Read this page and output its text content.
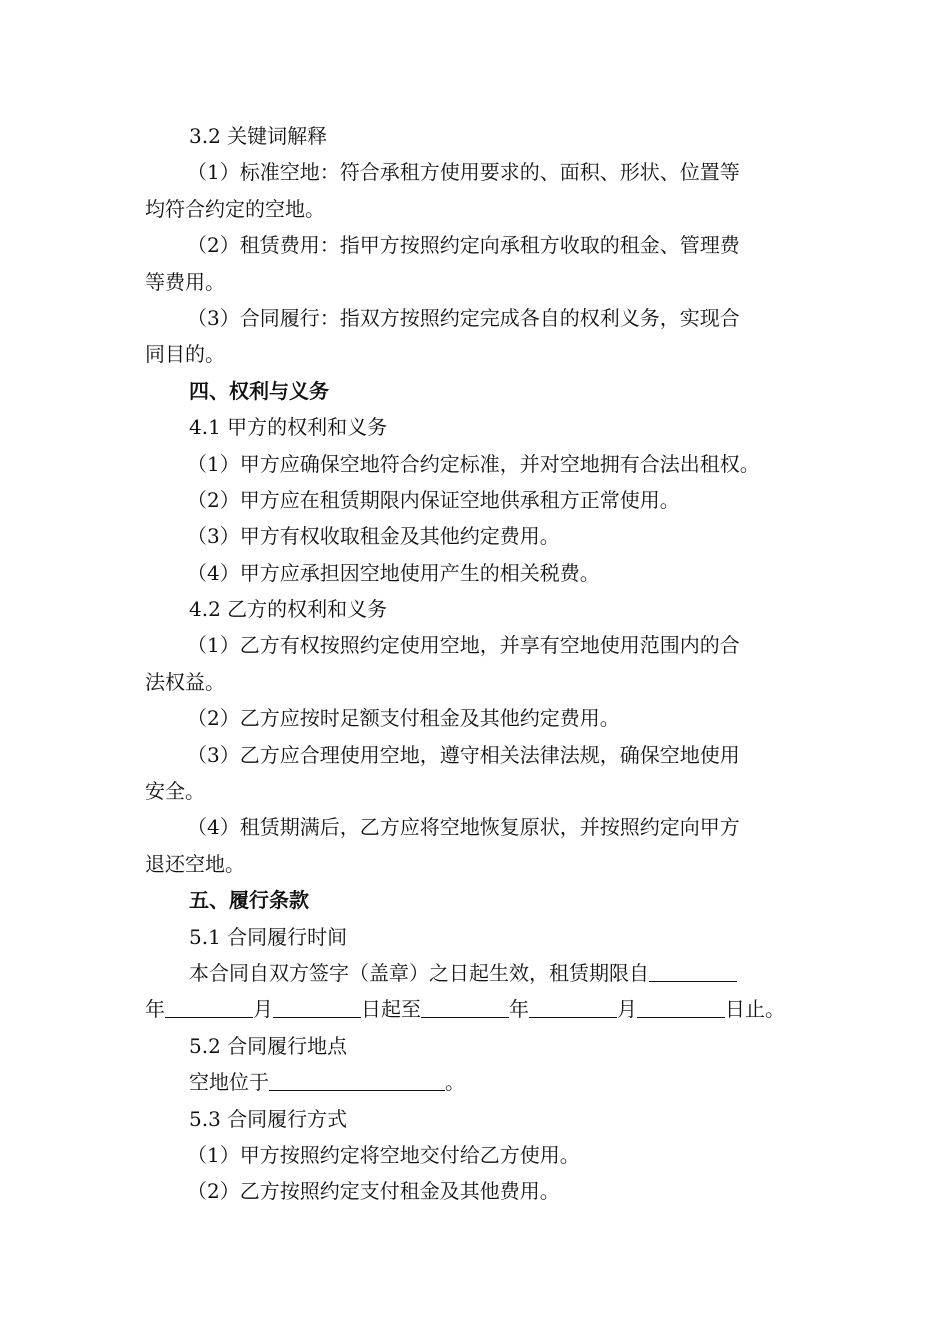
3.2 关键词解释
（1）标准空地：符合承租方使用要求的、面积、形状、位置等
均符合约定的空地。
（2）租赁费用：指甲方按照约定向承租方收取的租金、管理费
等费用。
（3）合同履行：指双方按照约定完成各自的权利义务，实现合
同目的。
四、权利与义务
4.1 甲方的权利和义务
（1）甲方应确保空地符合约定标准，并对空地拥有合法出租权。
（2）甲方应在租赁期限内保证空地供承租方正常使用。
（3）甲方有权收取租金及其他约定费用。
（4）甲方应承担因空地使用产生的相关税费。
4.2 乙方的权利和义务
（1）乙方有权按照约定使用空地，并享有空地使用范围内的合
法权益。
（2）乙方应按时足额支付租金及其他约定费用。
（3）乙方应合理使用空地，遵守相关法律法规，确保空地使用
安全。
（4）租赁期满后，乙方应将空地恢复原状，并按照约定向甲方
退还空地。
五、履行条款
5.1 合同履行时间
本合同自双方签字（盖章）之日起生效，租赁期限自
年	月	日起至	年	月	日止。
5.2 合同履行地点
空地位于	。
5.3 合同履行方式
（1）甲方按照约定将空地交付给乙方使用。
（2）乙方按照约定支付租金及其他费用。
